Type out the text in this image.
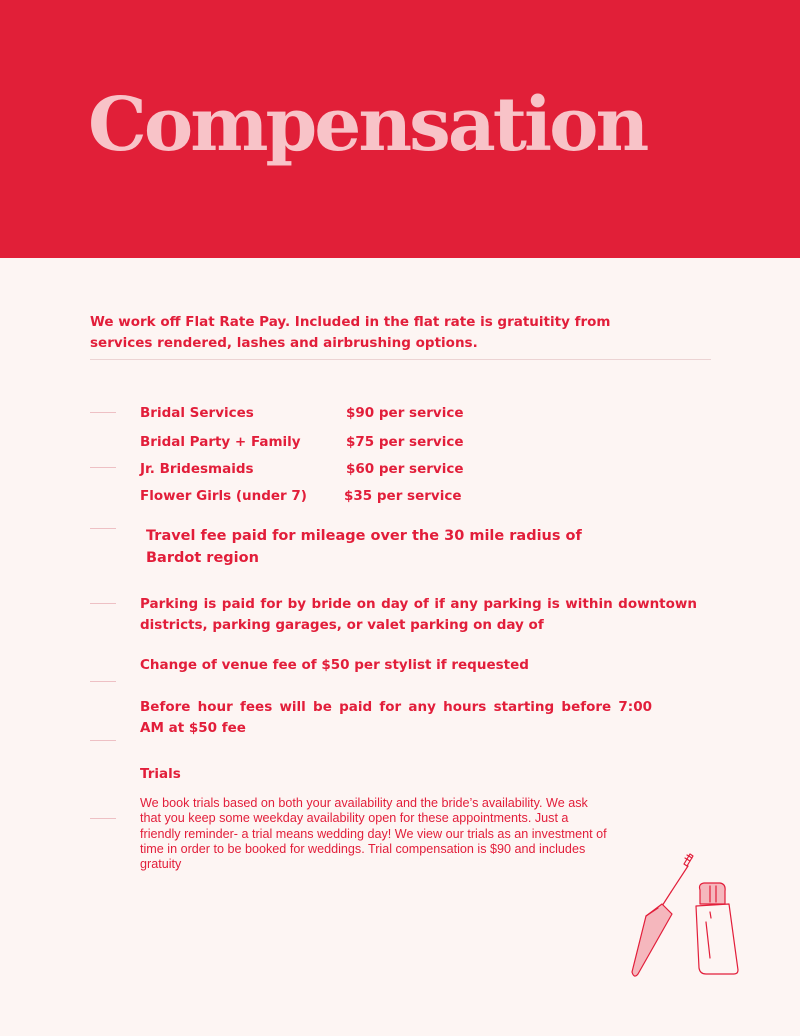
Compensation
We work off Flat Rate Pay. Included in the flat rate is gratuitity from services rendered, lashes and airbrushing options.
Bridal Services	$90 per service
Bridal Party + Family	$75 per service
Jr. Bridesmaids	$60 per service
Flower Girls (under 7)	$35 per service
Travel fee paid for mileage over the 30 mile radius of Bardot region
Parking is paid for by bride on day of if any parking is within downtown districts, parking garages, or valet parking on day of
Change of venue fee of $50 per stylist if requested
Before hour fees will be paid for any hours starting before 7:00 AM at $50 fee
Trials
We book trials based on both your availability and the bride’s availability. We ask that you keep some weekday availability open for these appointments. Just a friendly reminder- a trial means wedding day! We view our trials as an investment of time in order to be booked for weddings. Trial compensation is $90 and includes gratuity
